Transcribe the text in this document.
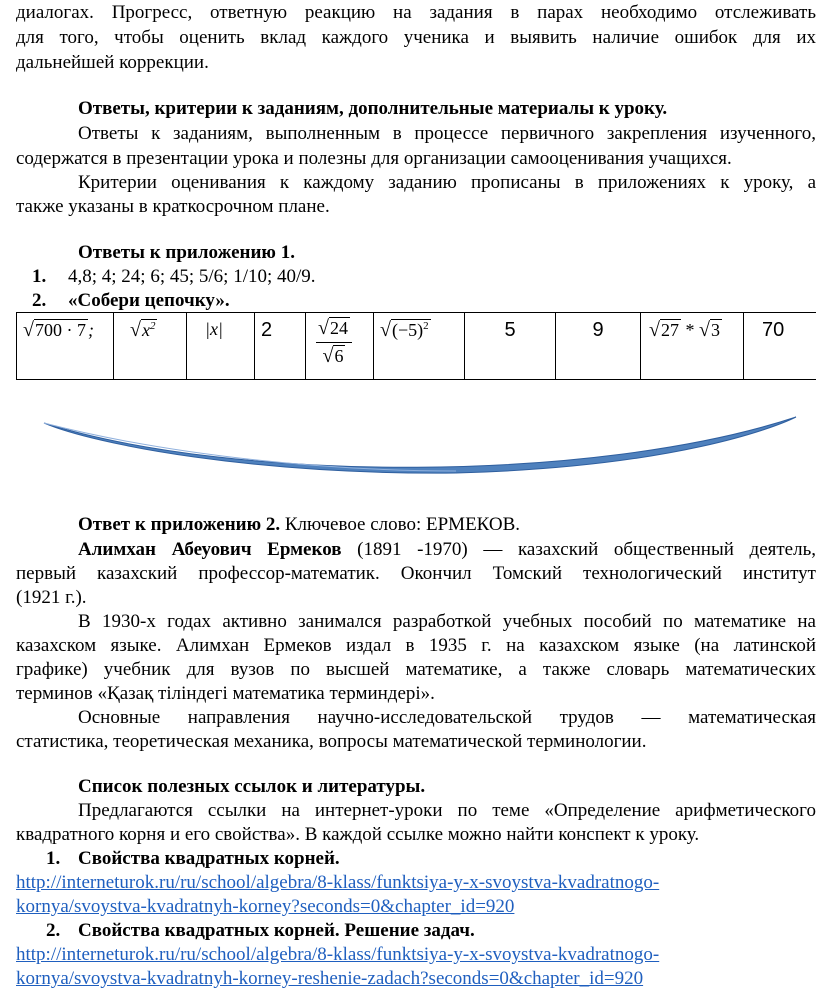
диалогах. Прогресс, ответную реакцию на задания в парах необходимо отслеживать
для того, чтобы оценить вклад каждого ученика и выявить наличие ошибок для их
дальнейшей коррекции.
Ответы, критерии к заданиям, дополнительные материалы к уроку.
Ответы к заданиям, выполненным в процессе первичного закрепления изученного,
содержатся в презентации урока и полезны для организации самооценивания учащихся.
Критерии оценивания к каждому заданию прописаны в приложениях к уроку, а
также указаны в краткосрочном плане.
Ответы к приложению 1.
1. 4,8; 4; 24; 6; 45; 5/6; 1/10; 40/9.
2. «Собери цепочку».
√700 · 7 ;	$√x^2$	|x|	2	$\frac{√24}{√6}$	$√(-5)^2$	5	9	√27 * √3	70
Ответ к приложению 2. Ключевое слово: ЕРМЕКОВ.
Алимхан Абеуович Ермеков (1891 -1970) — казахский общественный деятель,
первый казахский профессор-математик. Окончил Томский технологический институт
(1921 г.).
В 1930-х годах активно занимался разработкой учебных пособий по математике на
казахском языке. Алимхан Ермеков издал в 1935 г. на казахском языке (на латинской
графике) учебник для вузов по высшей математике, а также словарь математических
терминов «Қазақ тіліндегі математика терминдері».
Основные направления научно-исследовательской трудов — математическая
статистика, теоретическая механика, вопросы математической терминологии.
Список полезных ссылок и литературы.
Предлагаются ссылки на интернет-уроки по теме «Определение арифметического
квадратного корня и его свойства». В каждой ссылке можно найти конспект к уроку.
1. Свойства квадратных корней.
http://interneturok.ru/ru/school/algebra/8-klass/funktsiya-y-x-svoystva-kvadratnogo-
kornya/svoystva-kvadratnyh-korney?seconds=0&chapter_id=920
2. Свойства квадратных корней. Решение задач.
http://interneturok.ru/ru/school/algebra/8-klass/funktsiya-y-x-svoystva-kvadratnogo-
kornya/svoystva-kvadratnyh-korney-reshenie-zadach?seconds=0&chapter_id=920
